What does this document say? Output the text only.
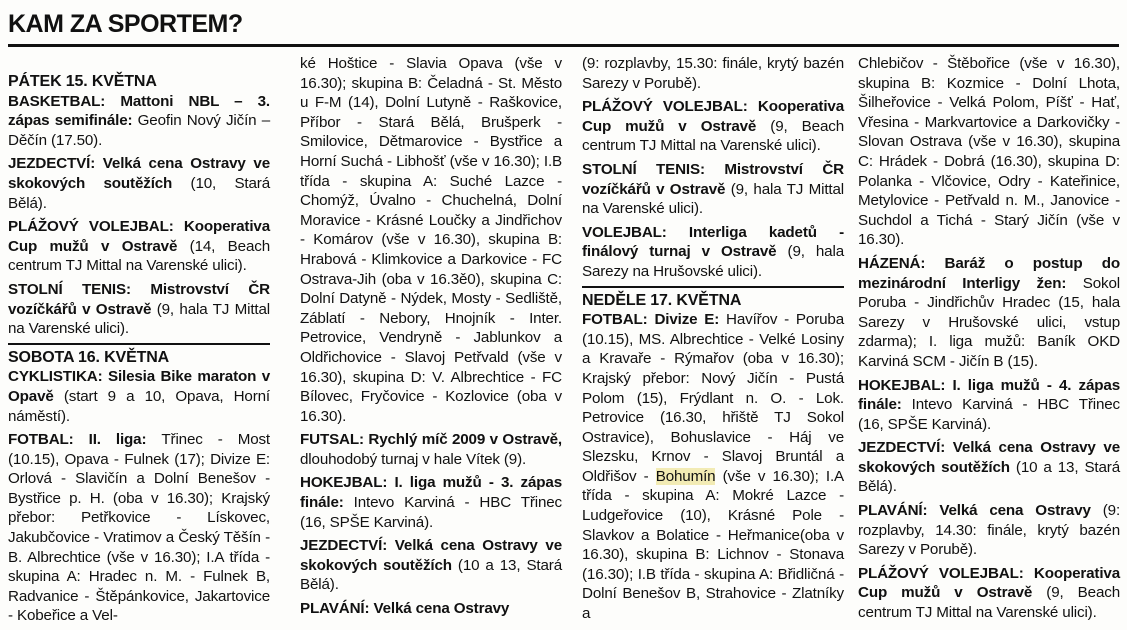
KAM ZA SPORTEM?
PÁTEK 15. KVĚTNA

BASKETBAL: Mattoni NBL – 3. zápas semifinále: Geofin Nový Jičín – Děčín (17.50).

JEZDECTVÍ: Velká cena Ostravy ve skokových soutěžích (10, Stará Bělá).

PLÁŽOVÝ VOLEJBAL: Kooperativa Cup mužů v Ostravě (14, Beach centrum TJ Mittal na Varenské ulici).

STOLNÍ TENIS: Mistrovství ČR vozíčkářů v Ostravě (9, hala TJ Mittal na Varenské ulici).

SOBOTA 16. KVĚTNA

CYKLISTIKA: Silesia Bike maraton v Opavě (start 9 a 10, Opava, Horní náměstí).

FOTBAL: II. liga: Třinec - Most (10.15), Opava - Fulnek (17); Divize E: Orlová - Slavičín a Dolní Benešov - Bystřice p. H. (oba v 16.30); Krajský přebor: Petřkovice - Lískovec, Jakubčovice - Vratimov a Český Těšín - B. Albrechtice (vše v 16.30); I.A třída - skupina A: Hradec n. M. - Fulnek B, Radvanice - Štěpánkovice, Jakartovice - Kobeřice a Vel-

ké Hoštice - Slavia Opava (vše v 16.30); skupina B: Čeladná - St. Město u F-M (14), Dolní Lutyně - Raškovice, Příbor - Stará Bělá, Brušperk - Smilovice, Dětmarovice - Bystřice a Horní Suchá - Libhošť (vše v 16.30); I.B třída - skupina A: Suché Lazce - Chomýž, Úvalno - Chuchelná, Dolní Moravice - Krásné Loučky a Jindřichov - Komárov (vše v 16.30), skupina B: Hrabová - Klimkovice a Darkovice - FC Ostrava-Jih (oba v 16.3ě0), skupina C: Dolní Datyně - Nýdek, Mosty - Sedliště, Záblatí - Nebory, Hnojník - Inter. Petrovice, Vendryně - Jablunkov a Oldřichovice - Slavoj Petřvald (vše v 16.30), skupina D: V. Albrechtice - FC Bílovec, Fryčovice - Kozlovice (oba v 16.30).

FUTSAL: Rychlý míč 2009 v Ostravě, dlouhodobý turnaj v hale Vítek (9).

HOKEJBAL: I. liga mužů - 3. zápas finále: Intevo Karviná - HBC Třinec (16, SPŠE Karviná).

JEZDECTVÍ: Velká cena Ostravy ve skokových soutěžích (10 a 13, Stará Bělá).

PLAVÁNÍ: Velká cena Ostravy

(9: rozplavby, 15.30: finále, krytý bazén Sarezy v Porubě).

PLÁŽOVÝ VOLEJBAL: Kooperativa Cup mužů v Ostravě (9, Beach centrum TJ Mittal na Varenské ulici).

STOLNÍ TENIS: Mistrovství ČR vozíčkářů v Ostravě (9, hala TJ Mittal na Varenské ulici).

VOLEJBAL: Interliga kadetů - finálový turnaj v Ostravě (9, hala Sarezy na Hrušovské ulici).

NEDĚLE 17. KVĚTNA

FOTBAL: Divize E: Havířov - Poruba (10.15), MS. Albrechtice - Velké Losiny a Kravaře - Rýmařov (oba v 16.30); Krajský přebor: Nový Jičín - Pustá Polom (15), Frýdlant n. O. - Lok. Petrovice (16.30, hřiště TJ Sokol Ostravice), Bohuslavice - Háj ve Slezsku, Krnov - Slavoj Bruntál a Oldřišov - Bohumín (vše v 16.30); I.A třída - skupina A: Mokré Lazce - Ludgeřovice (10), Krásné Pole - Slavkov a Bolatice - Heřmanice(oba v 16.30), skupina B: Lichnov - Stonava (16.30); I.B třída - skupina A: Břidličná - Dolní Benešov B, Strahovice - Zlatníky a

Chlebičov - Štěbořice (vše v 16.30), skupina B: Kozmice - Dolní Lhota, Šilheřovice - Velká Polom, Píšť - Hať, Vřesina - Markvartovice a Darkovičky - Slovan Ostrava (vše v 16.30), skupina C: Hrádek - Dobrá (16.30), skupina D: Polanka - Vlčovice, Odry - Kateřinice, Metylovice - Petřvald n. M., Janovice - Suchdol a Tichá - Starý Jičín (vše v 16.30).

HÁZENÁ: Baráž o postup do mezinárodní Interligy žen: Sokol Poruba - Jindřichův Hradec (15, hala Sarezy v Hrušovské ulici, vstup zdarma); I. liga mužů: Baník OKD Karviná SCM - Jičín B (15).

HOKEJBAL: I. liga mužů - 4. zápas finále: Intevo Karviná - HBC Třinec (16, SPŠE Karviná).

JEZDECTVÍ: Velká cena Ostravy ve skokových soutěžích (10 a 13, Stará Bělá).

PLAVÁNÍ: Velká cena Ostravy (9: rozplavby, 14.30: finále, krytý bazén Sarezy v Porubě).

PLÁŽOVÝ VOLEJBAL: Kooperativa Cup mužů v Ostravě (9, Beach centrum TJ Mittal na Varenské ulici).
